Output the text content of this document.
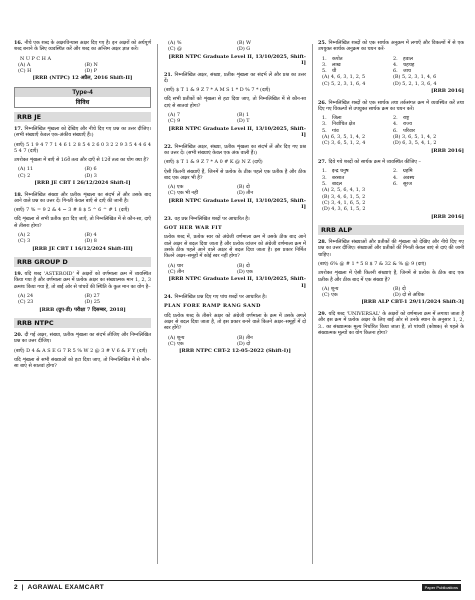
16. नीचे एक शब्द के अक्षरविन्यास अक्षर दिए गए है। इन अक्षरों को अर्थपूर्ण शब्द बनाने के लिए व्यवस्थित करें और शब्द का अन्तिम अक्षर ज्ञात करें।
N U P C H A
(A) A	(B) N
(C) H	(D) P
[RRB (NTPC) 12 अप्रैल, 2016 Shift-II]
Type-4
विविध
RRB JE
17. निम्नलिखित शृंखला को देखिए और नीचे दिए गए प्रश्न का उत्तर दीजिए। (सभी संख्याएँ केवल एक-अंकीय संख्याएँ हैं।)
(बाएँ) 5 1 9 4 7 7 1 4 6 1 2 8 5 4 2 6 0 3 2 2 9 3 5 4 4 6 4 5 4 7 (दाएँ)
उपरोक्त शृंखला में बाएँ से 16वें तत्व और दाएँ से 12वें तत्व का योग क्या है?
(A) 11	(B) 6
(C) 2	(D) 3
[RRB JE CBT I 26/12/2024 Shift-I]
18. निम्नलिखित संख्या और प्रतीक शृंखला का संदर्भ लें और उसके बाद आने वाले प्रश्न का उत्तर दें। गिनती केवल बाएँ से दाएँ की जानी है।
(बाएँ) 7 % = 9 2 & 4 ~ 3 # 8 $ 5 ^ 6 ^ # 1 (दाएँ)
यदि शृंखला से सभी प्रतीक हटा दिए जाएँ, तो निम्नलिखित में से कौन-सा, दाएँ से तीसरा होगा?
(A) 2	(B) 4
(C) 3	(D) 8
[RRB JE CBT I 16/12/2024 Shift-III]
RRB GROUP D
19. यदि शब्द 'ASTEROID' में अक्षरों को वर्णमाला क्रम में व्यवस्थित किया गया है और वर्णमाला क्रम में प्रत्येक अक्षर का संख्यात्मक मान 1, 2, 3 क्रमशः किया गया है, तो बाईं ओर से पांचवें की स्थिति के कुल मान का योग है–
(A) 24	(B) 27
(C) 23	(D) 25
[RRB (ग्रुप-डी) परीक्षा 7 दिसम्बर, 2018]
RRB NTPC
20. दी गई अक्षर, संख्या, प्रतीक शृंखला का संदर्भ लीजिए और निम्नलिखित प्रश्न का उत्तर दीजिए।
(बाएँ) D 4 & A S E G 7 R 5 % W 2 @ 3 # V 6 & F Y (दाएँ)
यदि शृंखला से सभी संख्याओं को हटा दिया जाए, तो निम्नलिखित में से कौन-सा बाएं से सातवां होगा?
(A) %	(B) W
(C) @	(D) G
[RRB NTPC Graduate Level II, 13/10/2025, Shift-I]
21. निम्नलिखित अक्षर, संख्या, प्रतीक शृंखला का संदर्भ लें और प्रश्न का उत्तर दें।
(बाएँ) $ T 1 & 9 Z 7 * A M S 1 * D % 7 * (दाएँ)
यदि सभी प्रतीकों को शृंखला से हटा दिया जाए, तो निम्नलिखित में से कौन-सा दाएं से सातवां होगा?
(A) 7	(B) 1
(C) 9	(D) T
[RRB NTPC Graduate Level II, 13/10/2025, Shift-I]
22. निम्नलिखित अक्षर, संख्या, प्रतीक शृंखला का संदर्भ लें और दिए गए प्रश्न का उत्तर दें। (सभी संख्याएं केवल एक अंक वाली हैं।)
(बाएँ) $ T 1 & 9 Z 7 * A 0 # K @ N Z (दाएँ)
ऐसी कितनी संख्याएँ हैं, जिनमें से प्रत्येक के ठीक पहले एक प्रतीक है और ठीक बाद एक अक्षर भी है?
(A) एक	(B) दो
(C) एक भी नहीं	(D) तीन
[RRB NTPC Graduate Level II, 13/10/2025, Shift-I]
23. वह प्रश्न निम्नलिखित शब्दों पर आधारित है।
GOT HER WAR FIT
प्रत्येक शब्द में, प्रत्येक स्वर को अंग्रेजी वर्णमाला क्रम में उसके ठीक बाद आने वाले अक्षर से बदल दिया जाता है और प्रत्येक व्यंजन को अंग्रेजी वर्णमाला क्रम में उसके ठीक पहले आने वाले अक्षर से बदल दिया जाता है। इस प्रकार निर्मित कितने अक्षर–समूहों में कोई स्वर नहीं होगा?
(A) चार	(B) दो
(C) तीन	(D) एक
[RRB NTPC Graduate Level II, 13/10/2025, Shift-I]
24. निम्नलिखित प्रश्न दिए गए पांच शब्दों पर आधारित है।
PLAN FORE RAMP RANG SAND
यदि प्रत्येक शब्द के तीसरे अक्षर को अंग्रेजी वर्णमाला के क्रम में उसके अगले अक्षर से बदल दिया जाता है, तो इस प्रकार बनने वाले कितने अक्षर–समूहों में दो स्वर होंगे?
(A) शून्य	(B) तीन
(C) एक	(D) दो
[RRB NTPC CBT-2 12-05-2022 (Shift-I)]
25. निम्नलिखित शब्दों को एक सार्थक अनुक्रम में लगाएँ और विकल्पों में से एक उपयुक्त सार्थक अनुक्रम का चयन करें-
1.	कपोत	2.	हवाल
3.	लाख	4.	चहचह
5.	धी	6.	जाच
(A) 4, 6, 3, 1, 2, 5	(B) 5, 2, 3, 1, 4, 6
(C) 5, 2, 3, 1, 6, 4	(D) 5, 2, 1, 3, 6, 4
[RRB 2016]
26. निम्नलिखित शब्दों को एक सार्थक तथा तर्कसंगत क्रम में व्यवस्थित करें तथा दिए गए विकल्पों से उपयुक्त सार्थक क्रम का चयन करें।
1.	जिला	2.	राष्ट्र
3.	निर्वाचित क्षेत्र	4.	राज्य
5.	गांव	6.	परिवार
(A) 6, 3, 5, 1, 4, 2	(B) 3, 6, 5, 1, 4, 2
(C) 3, 6, 5, 1, 2, 4	(D) 6, 3, 5, 4, 1, 2
[RRB 2016]
27. दिये गये शब्दों को सार्थक क्रम में व्यवस्थित कीजिए –
1.	इन्द्र धनुष	2.	ग्रहमि
3.	बरसात	4.	अवस्थ
5.	बादल	6.	सूरज
(A) 2, 5, 6, 4, 1, 3
(B) 3, 4, 6, 1, 5, 2
(C) 3, 4, 1, 6, 5, 2
(D) 4, 3, 6, 1, 5, 2
[RRB 2016]
RRB ALP
28. निम्नलिखित संख्याओं और प्रतीकों की शृंखला को देखिए और नीचे दिए गए प्रश्न का उत्तर दीजिए। संख्याओं और प्रतीकों की गिनती केवल बाएं से दाएं की जानी चाहिए।
(बाएं) 6% @ # 1 * 5 8 $ 7 & 32 & % @ 9 (दाएं)
उपरोक्त शृंखला में ऐसी कितनी संख्याएं हैं, जिनमें से प्रत्येक के ठीक बाद एक प्रतीक है और ठीक बाद में एक संख्या है?
(A) शून्य	(B) दो
(C) एक	(D) दो से अधिक
[RRB ALP CBT-1 29/11/2024 Shift-3]
29. यदि शब्द 'UNIVERSAL' के अक्षरों को वर्णमाला क्रम में लगाया जाता है और इस क्रम में प्रत्येक अक्षर के लिए बाईं ओर से उनके स्थान के अनुसार 1, 2, 3.. का संख्यात्मक मूल्य निर्धारित किया जाता है, तो पांचवीं (कोष्ठक) से पहले के संख्यात्मक मूल्यों का योग कितना होगा?
2 | AGRAWAL EXAMCART	Paper Publications
